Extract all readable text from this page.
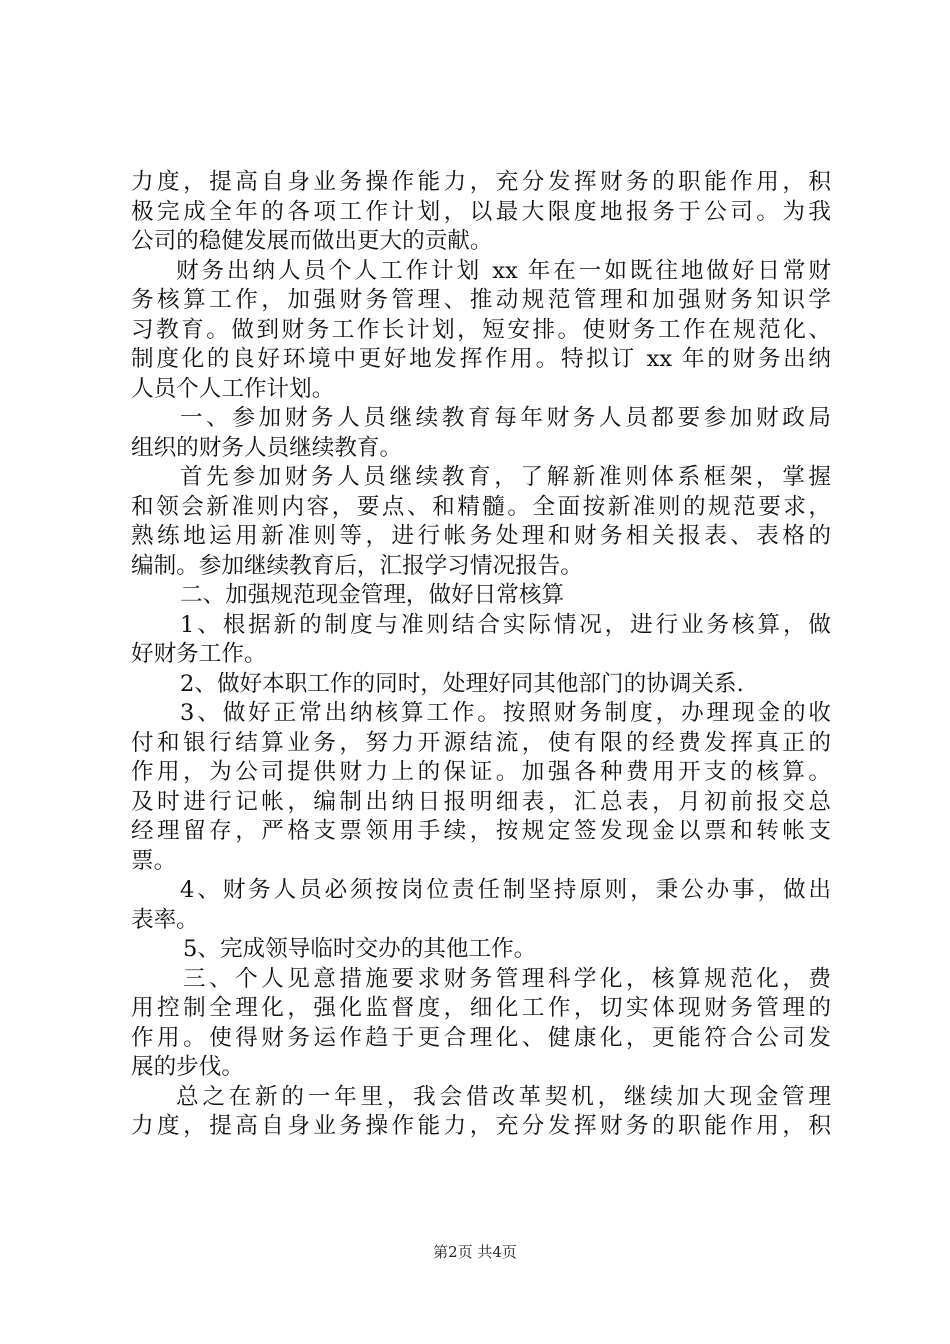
力度，提高自身业务操作能力，充分发挥财务的职能作用，积
极完成全年的各项工作计划，以最大限度地报务于公司。为我
公司的稳健发展而做出更大的贡献。
财务出纳人员个人工作计划 xx 年在一如既往地做好日常财
务核算工作，加强财务管理、推动规范管理和加强财务知识学
习教育。做到财务工作长计划，短安排。使财务工作在规范化、
制度化的良好环境中更好地发挥作用。特拟订 xx 年的财务出纳
人员个人工作计划。
一、参加财务人员继续教育每年财务人员都要参加财政局
组织的财务人员继续教育。
首先参加财务人员继续教育，了解新准则体系框架，掌握
和领会新准则内容，要点、和精髓。全面按新准则的规范要求，
熟练地运用新准则等，进行帐务处理和财务相关报表、表格的
编制。参加继续教育后，汇报学习情况报告。
二、加强规范现金管理，做好日常核算
1、根据新的制度与准则结合实际情况，进行业务核算，做
好财务工作。
2、做好本职工作的同时，处理好同其他部门的协调关系.
3、做好正常出纳核算工作。按照财务制度，办理现金的收
付和银行结算业务，努力开源结流，使有限的经费发挥真正的
作用，为公司提供财力上的保证。加强各种费用开支的核算。
及时进行记帐，编制出纳日报明细表，汇总表，月初前报交总
经理留存，严格支票领用手续，按规定签发现金以票和转帐支
票。
4、财务人员必须按岗位责任制坚持原则，秉公办事，做出
表率。
5、完成领导临时交办的其他工作。
三、个人见意措施要求财务管理科学化，核算规范化，费
用控制全理化，强化监督度，细化工作，切实体现财务管理的
作用。使得财务运作趋于更合理化、健康化，更能符合公司发
展的步伐。
总之在新的一年里，我会借改革契机，继续加大现金管理
力度，提高自身业务操作能力，充分发挥财务的职能作用，积
第2页 共4页
